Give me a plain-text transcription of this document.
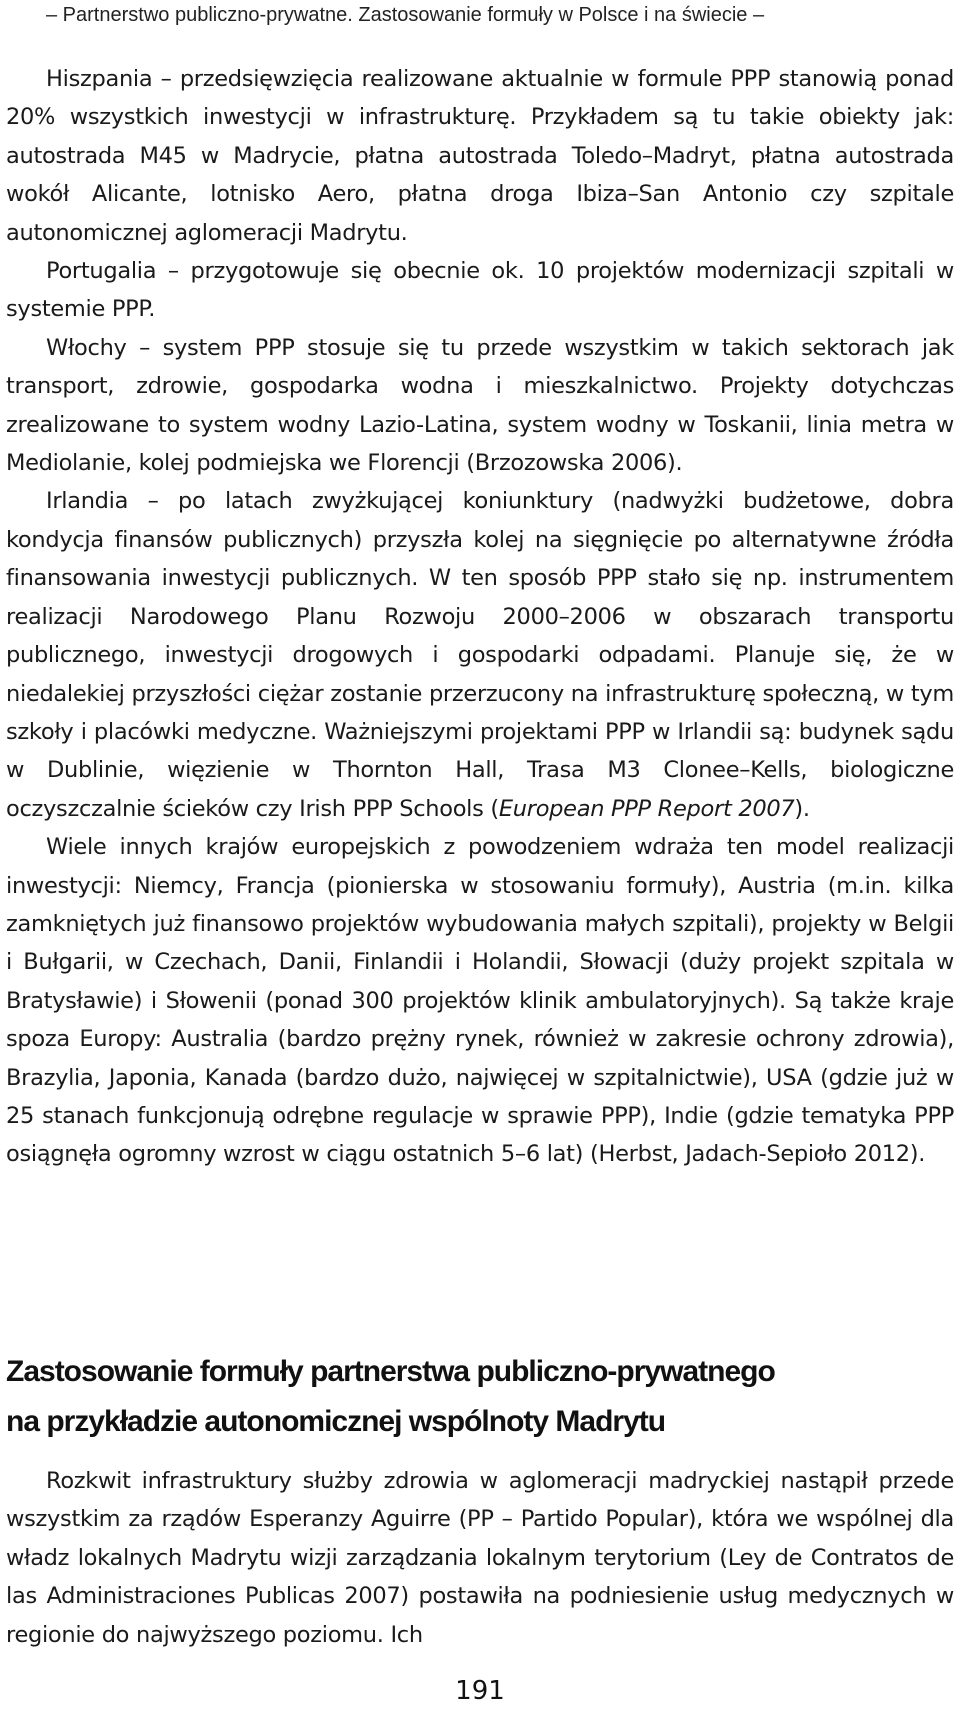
– Partnerstwo publiczno-prywatne. Zastosowanie formuły w Polsce i na świecie –

Hiszpania – przedsięwzięcia realizowane aktualnie w formule PPP stanowią ponad 20% wszystkich inwestycji w infrastrukturę. Przykładem są tu takie obiekty jak: autostrada M45 w Madrycie, płatna autostrada Toledo–Madryt, płatna autostrada wokół Alicante, lotnisko Aero, płatna droga Ibiza–San Antonio czy szpitale autonomicznej aglomeracji Madrytu.

Portugalia – przygotowuje się obecnie ok. 10 projektów modernizacji szpitali w systemie PPP.

Włochy – system PPP stosuje się tu przede wszystkim w takich sektorach jak transport, zdrowie, gospodarka wodna i mieszkalnictwo. Projekty dotychczas zrealizowane to system wodny Lazio-Latina, system wodny w Toskanii, linia metra w Mediolanie, kolej podmiejska we Florencji (Brzozowska 2006).

Irlandia – po latach zwyżkującej koniunktury (nadwyżki budżetowe, dobra kondycja finansów publicznych) przyszła kolej na sięgnięcie po alternatywne źródła finansowania inwestycji publicznych. W ten sposób PPP stało się np. instrumentem realizacji Narodowego Planu Rozwoju 2000–2006 w obszarach transportu publicznego, inwestycji drogowych i gospodarki odpadami. Planuje się, że w niedalekiej przyszłości ciężar zostanie przerzucony na infrastrukturę społeczną, w tym szkoły i placówki medyczne. Ważniejszymi projektami PPP w Irlandii są: budynek sądu w Dublinie, więzienie w Thornton Hall, Trasa M3 Clonee–Kells, biologiczne oczyszczalnie ścieków czy Irish PPP Schools (European PPP Report 2007).

Wiele innych krajów europejskich z powodzeniem wdraża ten model realizacji inwestycji: Niemcy, Francja (pionierska w stosowaniu formuły), Austria (m.in. kilka zamkniętych już finansowo projektów wybudowania małych szpitali), projekty w Belgii i Bułgarii, w Czechach, Danii, Finlandii i Holandii, Słowacji (duży projekt szpitala w Bratysławie) i Słowenii (ponad 300 projektów klinik ambulatoryjnych). Są także kraje spoza Europy: Australia (bardzo prężny rynek, również w zakresie ochrony zdrowia), Brazylia, Japonia, Kanada (bardzo dużo, najwięcej w szpitalnictwie), USA (gdzie już w 25 stanach funkcjonują odrębne regulacje w sprawie PPP), Indie (gdzie tematyka PPP osiągnęła ogromny wzrost w ciągu ostatnich 5–6 lat) (Herbst, Jadach-Sepioło 2012).

Zastosowanie formuły partnerstwa publiczno-prywatnego
na przykładzie autonomicznej wspólnoty Madrytu

Rozkwit infrastruktury służby zdrowia w aglomeracji madryckiej nastąpił przede wszystkim za rządów Esperanzy Aguirre (PP – Partido Popular), która we wspólnej dla władz lokalnych Madrytu wizji zarządzania lokalnym terytorium (Ley de Contratos de las Administraciones Publicas 2007) postawiła na podniesienie usług medycznych w regionie do najwyższego poziomu. Ich

191
